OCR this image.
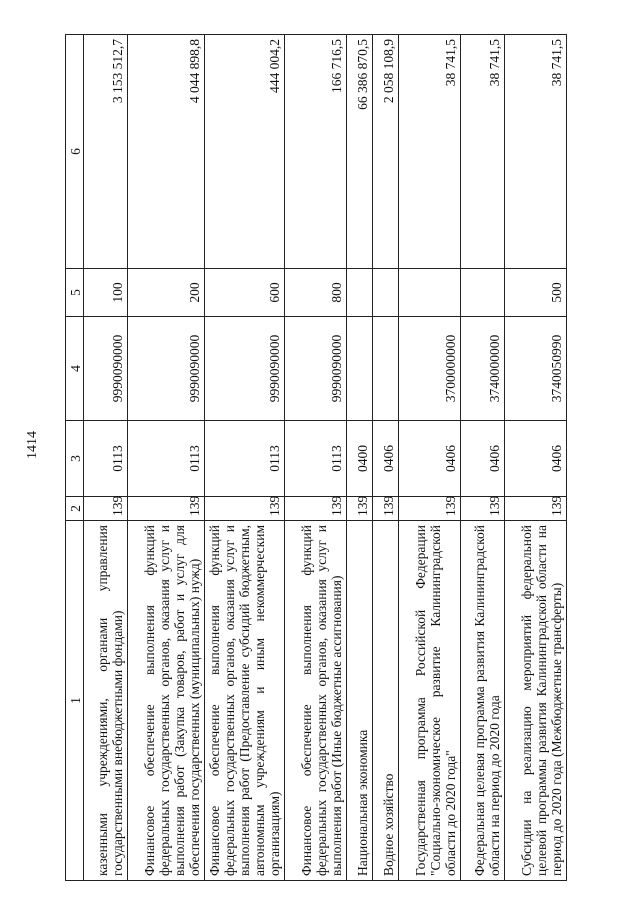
1414
1	2	3	4	5	6
казенными учреждениями, органами управления государственными внебюджетными фондами)	139	0113	9990090000	100	3 153 512,7
Финансовое обеспечение выполнения функций федеральных государственных органов, оказания услуг и выполнения работ (Закупка товаров, работ и услуг для обеспечения государственных (муниципальных) нужд)	139	0113	9990090000	200	4 044 898,8
Финансовое обеспечение выполнения функций федеральных государственных органов, оказания услуг и выполнения работ (Предоставление субсидий бюджетным, автономным учреждениям и иным некоммерческим организациям)	139	0113	9990090000	600	444 004,2
Финансовое обеспечение выполнения функций федеральных государственных органов, оказания услуг и выполнения работ (Иные бюджетные ассигнования)	139	0113	9990090000	800	166 716,5
Национальная экономика	139	0400			66 386 870,5
Водное хозяйство	139	0406			2 058 108,9
Государственная программа Российской Федерации "Социально-экономическое развитие Калининградской области до 2020 года"	139	0406	3700000000		38 741,5
Федеральная целевая программа развития Калининградской области на период до 2020 года	139	0406	3740000000		38 741,5
Субсидии на реализацию мероприятий федеральной целевой программы развития Калининградской области на период до 2020 года (Межбюджетные трансферты)	139	0406	3740050990	500	38 741,5
